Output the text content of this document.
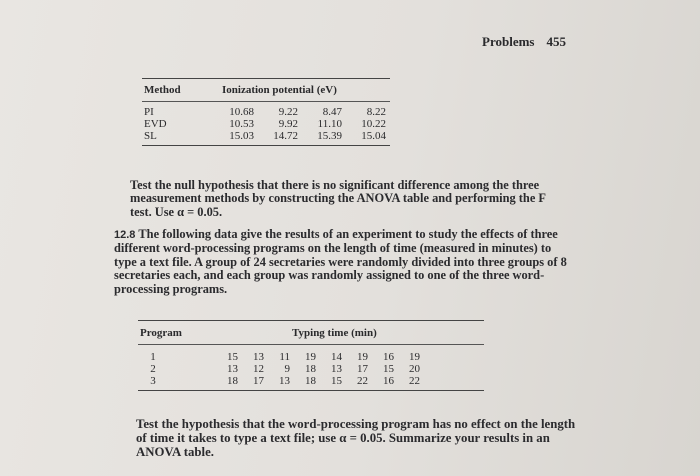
Problems 455
Method	Ionization potential (eV)
PI	10.68	9.22	8.47	8.22
EVD	10.53	9.92	11.10	10.22
SL	15.03	14.72	15.39	15.04
Test the null hypothesis that there is no significant difference among the three measurement methods by constructing the ANOVA table and performing the F test. Use α = 0.05.
12.8 The following data give the results of an experiment to study the effects of three different word-processing programs on the length of time (measured in minutes) to type a text file. A group of 24 secretaries were randomly divided into three groups of 8 secretaries each, and each group was randomly assigned to one of the three word-processing programs.
Program	Typing time (min)
1	15	13	11	19	14	19	16	19
2	13	12	9	18	13	17	15	20
3	18	17	13	18	15	22	16	22
Test the hypothesis that the word-processing program has no effect on the length of time it takes to type a text file; use α = 0.05. Summarize your results in an ANOVA table.
